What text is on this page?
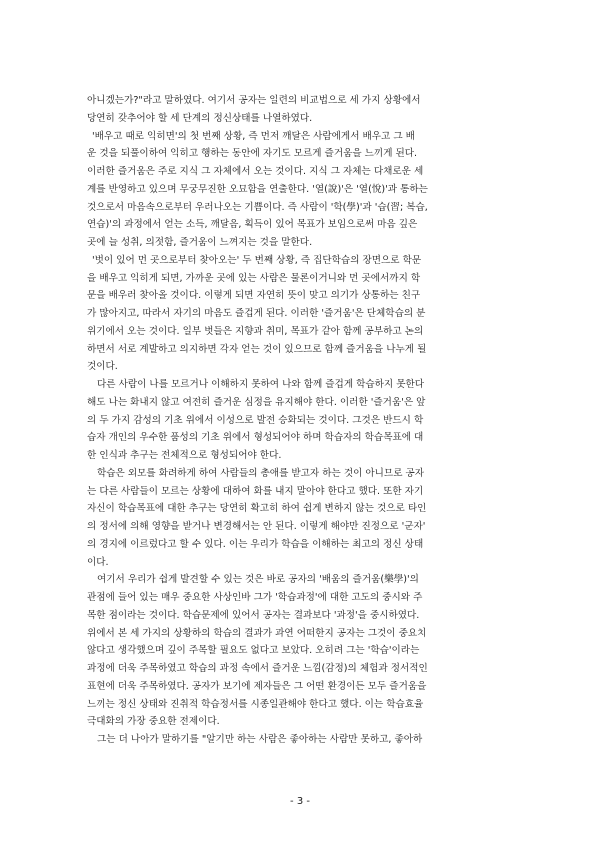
아니겠는가?"라고 말하였다. 여기서 공자는 일련의 비교법으로 세 가지 상황에서
당연히 갖추어야 할 세 단계의 정신상태를 나열하였다.

'배우고 때로 익히면'의 첫 번째 상황, 즉 먼저 깨달은 사람에게서 배우고 그 배
운 것을 되풀이하여 익히고 행하는 동안에 자기도 모르게 즐거움을 느끼게 된다.
이러한 즐거움은 주로 지식 그 자체에서 오는 것이다. 지식 그 자체는 다채로운 세
계를 반영하고 있으며 무궁무진한 오묘함을 연출한다. '열(說)'은 '열(悅)'과 통하는
것으로서 마음속으로부터 우러나오는 기쁨이다. 즉 사람이 '학(學)'과 '습(習; 복습,
연습)'의 과정에서 얻는 소득, 깨달음, 획득이 있어 목표가 보임으로써 마음 깊은
곳에 늘 성취, 의젓함, 즐거움이 느껴지는 것을 말한다.

'벗이 있어 먼 곳으로부터 찾아오는' 두 번째 상황, 즉 집단학습의 장면으로 학문
을 배우고 익히게 되면, 가까운 곳에 있는 사람은 물론이거니와 먼 곳에서까지 학
문을 배우러 찾아올 것이다. 이렇게 되면 자연히 뜻이 맞고 의기가 상통하는 친구
가 많아지고, 따라서 자기의 마음도 즐겁게 된다. 이러한 '즐거움'은 단체학습의 분
위기에서 오는 것이다. 일부 벗들은 지향과 취미, 목표가 같아 함께 공부하고 논의
하면서 서로 계발하고 의지하면 각자 얻는 것이 있으므로 함께 즐거움을 나누게 될
것이다.

다른 사람이 나를 모르거나 이해하지 못하여 나와 함께 즐겁게 학습하지 못한다
해도 나는 화내지 않고 여전히 즐거운 심정을 유지해야 한다. 이러한 '즐거움'은 앞
의 두 가지 감성의 기초 위에서 이성으로 발전 승화되는 것이다. 그것은 반드시 학
습자 개인의 우수한 품성의 기초 위에서 형성되어야 하며 학습자의 학습목표에 대
한 인식과 추구는 전체적으로 형성되어야 한다.

학습은 외모를 화려하게 하여 사람들의 총애를 받고자 하는 것이 아니므로 공자
는 다른 사람들이 모르는 상황에 대하여 화를 내지 말아야 한다고 했다. 또한 자기
자신이 학습목표에 대한 추구는 당연히 확고히 하여 쉽게 변하지 않는 것으로 타인
의 정서에 의해 영향을 받거나 변경해서는 안 된다. 이렇게 해야만 진정으로 '군자'
의 경지에 이르렀다고 할 수 있다. 이는 우리가 학습을 이해하는 최고의 정신 상태
이다.

여기서 우리가 쉽게 발견할 수 있는 것은 바로 공자의 '배움의 즐거움(樂學)'의
관점에 들어 있는 매우 중요한 사상인바 그가 '학습과정'에 대한 고도의 중시와 주
목한 점이라는 것이다. 학습문제에 있어서 공자는 결과보다 '과정'을 중시하였다.
위에서 본 세 가지의 상황하의 학습의 결과가 과연 어떠한지 공자는 그것이 중요치
않다고 생각했으며 깊이 주목할 필요도 없다고 보았다. 오히려 그는 '학습'이라는
과정에 더욱 주목하였고 학습의 과정 속에서 즐거운 느낌(감정)의 체험과 정서적인
표현에 더욱 주목하였다. 공자가 보기에 제자들은 그 어떤 환경이든 모두 즐거움을
느끼는 정신 상태와 진취적 학습정서를 시종일관해야 한다고 했다. 이는 학습효율
극대화의 가장 중요한 전제이다.

그는 더 나아가 말하기를 "알기만 하는 사람은 좋아하는 사람만 못하고, 좋아하

- 3 -
